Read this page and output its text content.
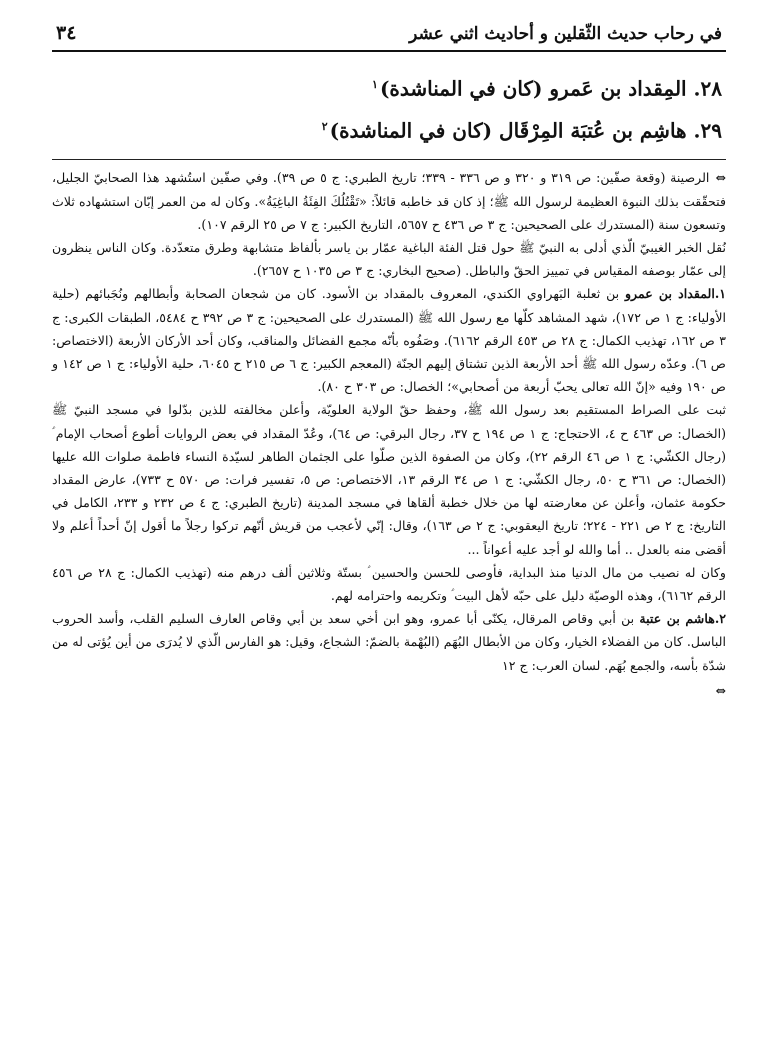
في رحاب حديث الثّقلين و أحاديث اثني عشر
٣٤
٢٨. المِقداد بن عَمرو (كان في المناشدة)$^١$
٢٩. هاشِم بن عُتبَة المِرْقَال (كان في المناشدة)$^٢$

⇔الرصينة (وقعة صفّين: ص ٣١٩ و ٣٢٠ و ص ٣٣٦ - ٣٣٩؛ تاريخ الطبري: ج ٥ ص ٣٩). وفي صفّين استُشهد هذا الصحابيّ الجليل، فتحقّقت بذلك النبوة العظيمة لرسول الله ﷺ؛ إذ كان قد خاطبه قائلاً: «تَقْتُلُكَ الفِئَةُ الباغِيَةُ». وكان له من العمر إبّان استشهاده ثلاث وتسعون سنة (المستدرك على الصحيحين: ج ٣ ص ٤٣٦ ح ٥٦٥٧، التاريخ الكبير: ج ٧ ص ٢٥ الرقم ١٠٧).

نُقل الخبر الغيبيّ الّذي أدلى به النبيّ ﷺ حول قتل الفئة الباغية عمّار بن ياسر بألفاظ متشابهة وطرق متعدّدة. وكان الناس ينظرون إلى عمّار بوصفه المقياس في تمييز الحقّ والباطل. (صحيح البخاري: ج ٣ ص ١٠٣٥ ح ٢٦٥٧).

١.المقداد بن عمرو بن ثعلبة البَهراوي الكندي، المعروف بالمقداد بن الأسود. كان من شجعان الصحابة وأبطالهم ونُجَبائهم (حلية الأولياء: ج ١ ص ١٧٢)، شهد المشاهد كلّها مع رسول الله ﷺ (المستدرك على الصحيحين: ج ٣ ص ٣٩٢ ح ٥٤٨٤، الطبقات الكبرى: ج ٣ ص ١٦٢، تهذيب الكمال: ج ٢٨ ص ٤٥٣ الرقم ٦١٦٢). وصَفُوه بأنّه مجمع الفضائل والمناقب، وكان أحد الأركان الأربعة (الاختصاص: ص ٦). وعدّه رسول الله ﷺ أحد الأربعة الذين تشتاق إليهم الجنّة (المعجم الكبير: ج ٦ ص ٢١٥ ح ٦٠٤٥، حلية الأولياء: ج ١ ص ١٤٢ و ص ١٩٠ وفيه «إنّ الله تعالى يحبّ أربعة من أصحابي»؛ الخصال: ص ٣٠٣ ح ٨٠).

ثبت على الصراط المستقيم بعد رسول الله ﷺ، وحفظ حقّ الولاية العلويّة، وأعلن مخالفته للذين بدّلوا في مسجد النبيّ ﷺ (الخصال: ص ٤٦٣ ح ٤، الاحتجاج: ج ١ ص ١٩٤ ح ٣٧، رجال البرقي: ص ٦٤)، وعُدّ المقداد في بعض الروايات أطوع أصحاب الإمام ؑ (رجال الكشّي: ج ١ ص ٤٦ الرقم ٢٢)، وكان من الصفوة الذين صلّوا على الجثمان الطاهر لسيّدة النساء فاطمة صلوات الله عليها (الخصال: ص ٣٦١ ح ٥٠، رجال الكشّي: ج ١ ص ٣٤ الرقم ١٣، الاختصاص: ص ٥، تفسير فرات: ص ٥٧٠ ح ٧٣٣)، عارض المقداد حكومة عثمان، وأعلن عن معارضته لها من خلال خطبة ألقاها في مسجد المدينة (تاريخ الطبري: ج ٤ ص ٢٣٢ و ٢٣٣، الكامل في التاريخ: ج ٢ ص ٢٢١ - ٢٢٤؛ تاريخ اليعقوبي: ج ٢ ص ١٦٣)، وقال: إنّي لأعجب من قريش أنّهم تركوا رجلاً ما أقول إنّ أحداً أعلم ولا أقضى منه بالعدل .. أما والله لو أجد عليه أعواناً ...

وكان له نصيب من مال الدنيا منذ البداية، فأوصى للحسن والحسين ؑ بستّة وثلاثين ألف درهم منه (تهذيب الكمال: ج ٢٨ ص ٤٥٦ الرقم ٦١٦٢)، وهذه الوصيّة دليل على حبّه لأهل البيت ؑ وتكريمه واحترامه لهم.

٢.هاشم بن عتبة بن أبي وقاص المرقال، يكنّى أبا عمرو، وهو ابن أخي سعد بن أبي وقاص العارف السليم القلب، وأسد الحروب الباسل. كان من الفضلاء الخيار، وكان من الأبطال البُهَم (البُهْمة بالضمّ: الشجاع، وقيل: هو الفارس الّذي لا يُدرَى من أين يُؤتى له من شدّة بأسه، والجمع بُهَم. لسان العرب: ج ١٢

⇔
